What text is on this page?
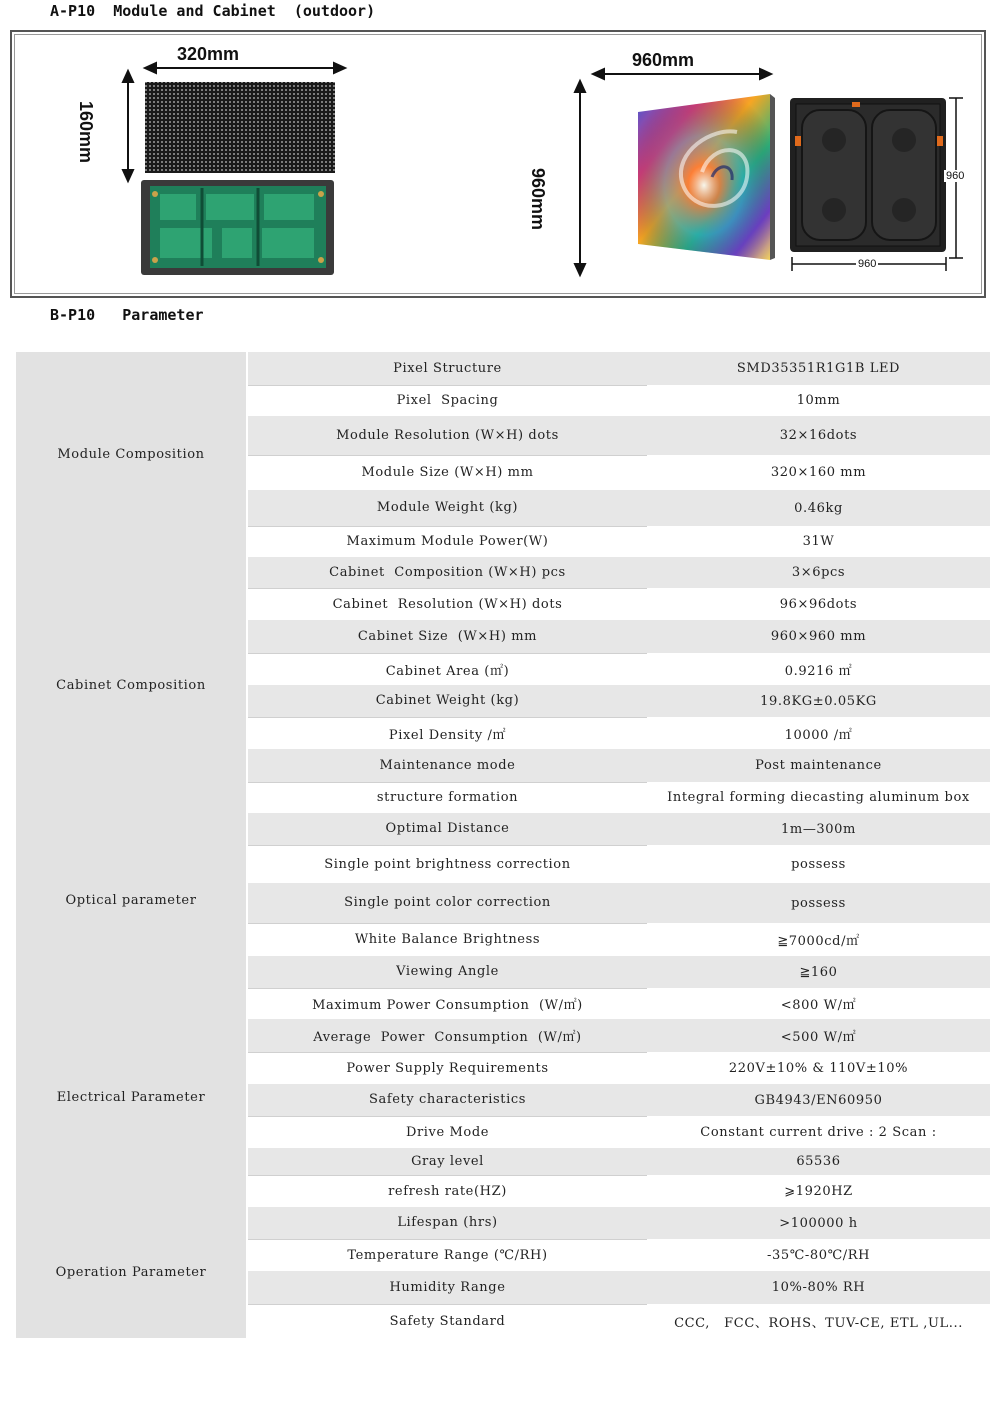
A-P10  Module and Cabinet  (outdoor)
320mm
160mm
960mm
960mm	960
960
B-P10   Parameter
Module Composition	Pixel Structure	SMD35351R1G1B LED
	Pixel  Spacing	10mm
	Module Resolution (W×H) dots	32×16dots
	Module Size (W×H) mm	320×160 mm
	Module Weight (kg)	0.46kg
	Maximum Module Power(W)	31W
Cabinet Composition	Cabinet  Composition (W×H) pcs	3×6pcs
	Cabinet  Resolution (W×H) dots	96×96dots
	Cabinet Size  (W×H) mm	960×960 mm
	Cabinet Area (㎡)	0.9216 ㎡
	Cabinet Weight (kg)	19.8KG±0.05KG
	Pixel Density /㎡	10000 /㎡
	Maintenance mode	Post maintenance
	structure formation	Integral forming diecasting aluminum box
Optical parameter	Optimal Distance	1m—300m
	Single point brightness correction	possess
	Single point color correction	possess
	White Balance Brightness	≧7000cd/㎡
	Viewing Angle	≧160
Electrical Parameter	Maximum Power Consumption  (W/㎡)	<800 W/㎡
	Average  Power  Consumption  (W/㎡)	<500 W/㎡
	Power Supply Requirements	220V±10% & 110V±10%
	Safety characteristics	GB4943/EN60950
	Drive Mode	Constant current drive : 2 Scan :
	Gray level	65536
	refresh rate(HZ)	⩾1920HZ
Operation Parameter	Lifespan (hrs)	>100000 h
	Temperature Range (℃/RH)	-35℃-80℃/RH
	Humidity Range	10%-80% RH
	Safety Standard	CCC,   FCC、ROHS、TUV-CE, ETL ,UL...
